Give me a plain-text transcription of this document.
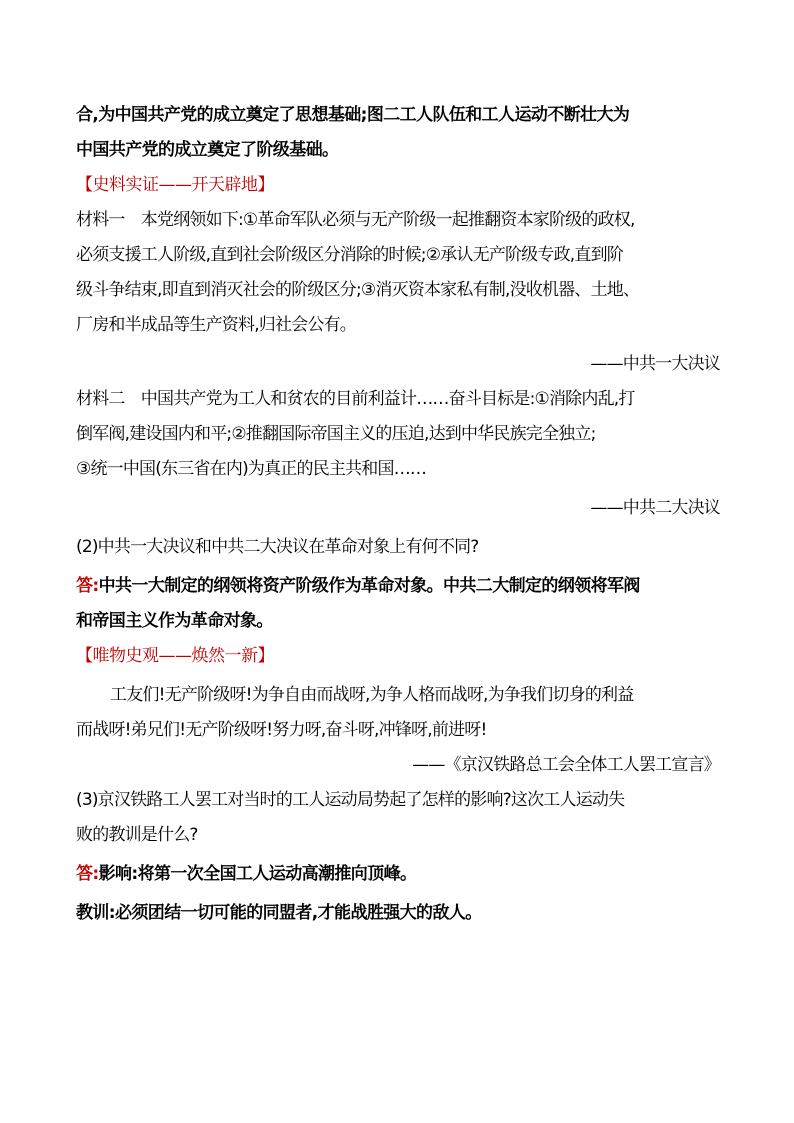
合,为中国共产党的成立奠定了思想基础;图二工人队伍和工人运动不断壮大为
中国共产党的成立奠定了阶级基础。
【史料实证——开天辟地】
材料一　本党纲领如下:①革命军队必须与无产阶级一起推翻资本家阶级的政权,
必须支援工人阶级,直到社会阶级区分消除的时候;②承认无产阶级专政,直到阶
级斗争结束,即直到消灭社会的阶级区分;③消灭资本家私有制,没收机器、土地、
厂房和半成品等生产资料,归社会公有。
——中共一大决议
材料二　中国共产党为工人和贫农的目前利益计……奋斗目标是:①消除内乱,打
倒军阀,建设国内和平;②推翻国际帝国主义的压迫,达到中华民族完全独立;
③统一中国(东三省在内)为真正的民主共和国……
——中共二大决议
(2)中共一大决议和中共二大决议在革命对象上有何不同?
答:中共一大制定的纲领将资产阶级作为革命对象。中共二大制定的纲领将军阀
和帝国主义作为革命对象。
【唯物史观——焕然一新】
工友们!无产阶级呀!为争自由而战呀,为争人格而战呀,为争我们切身的利益
而战呀!弟兄们!无产阶级呀!努力呀,奋斗呀,冲锋呀,前进呀!
——《京汉铁路总工会全体工人罢工宣言》
(3)京汉铁路工人罢工对当时的工人运动局势起了怎样的影响?这次工人运动失
败的教训是什么?
答:影响:将第一次全国工人运动高潮推向顶峰。
教训:必须团结一切可能的同盟者,才能战胜强大的敌人。
